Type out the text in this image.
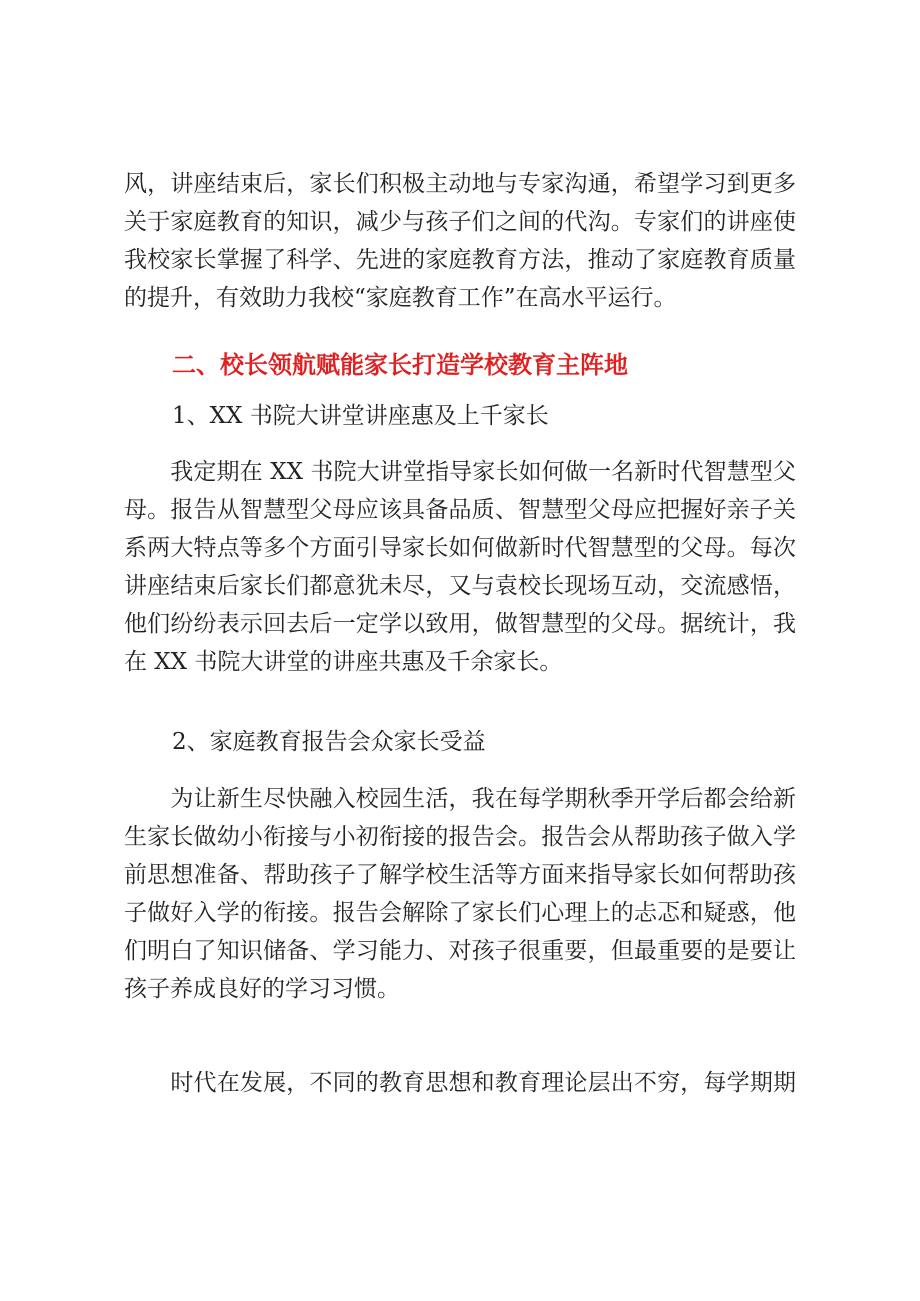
风，讲座结束后，家长们积极主动地与专家沟通，希望学习到更多
关于家庭教育的知识，减少与孩子们之间的代沟。专家们的讲座使
我校家长掌握了科学、先进的家庭教育方法，推动了家庭教育质量
的提升，有效助力我校“家庭教育工作”在高水平运行。
二、校长领航赋能家长打造学校教育主阵地
1、XX 书院大讲堂讲座惠及上千家长
　　我定期在 XX 书院大讲堂指导家长如何做一名新时代智慧型父
母。报告从智慧型父母应该具备品质、智慧型父母应把握好亲子关
系两大特点等多个方面引导家长如何做新时代智慧型的父母。每次
讲座结束后家长们都意犹未尽，又与袁校长现场互动，交流感悟，
他们纷纷表示回去后一定学以致用，做智慧型的父母。据统计，我
在 XX 书院大讲堂的讲座共惠及千余家长。
2、家庭教育报告会众家长受益
　　为让新生尽快融入校园生活，我在每学期秋季开学后都会给新
生家长做幼小衔接与小初衔接的报告会。报告会从帮助孩子做入学
前思想准备、帮助孩子了解学校生活等方面来指导家长如何帮助孩
子做好入学的衔接。报告会解除了家长们心理上的忐忑和疑惑，他
们明白了知识储备、学习能力、对孩子很重要，但最重要的是要让
孩子养成良好的学习习惯。
　　时代在发展，不同的教育思想和教育理论层出不穷，每学期期
